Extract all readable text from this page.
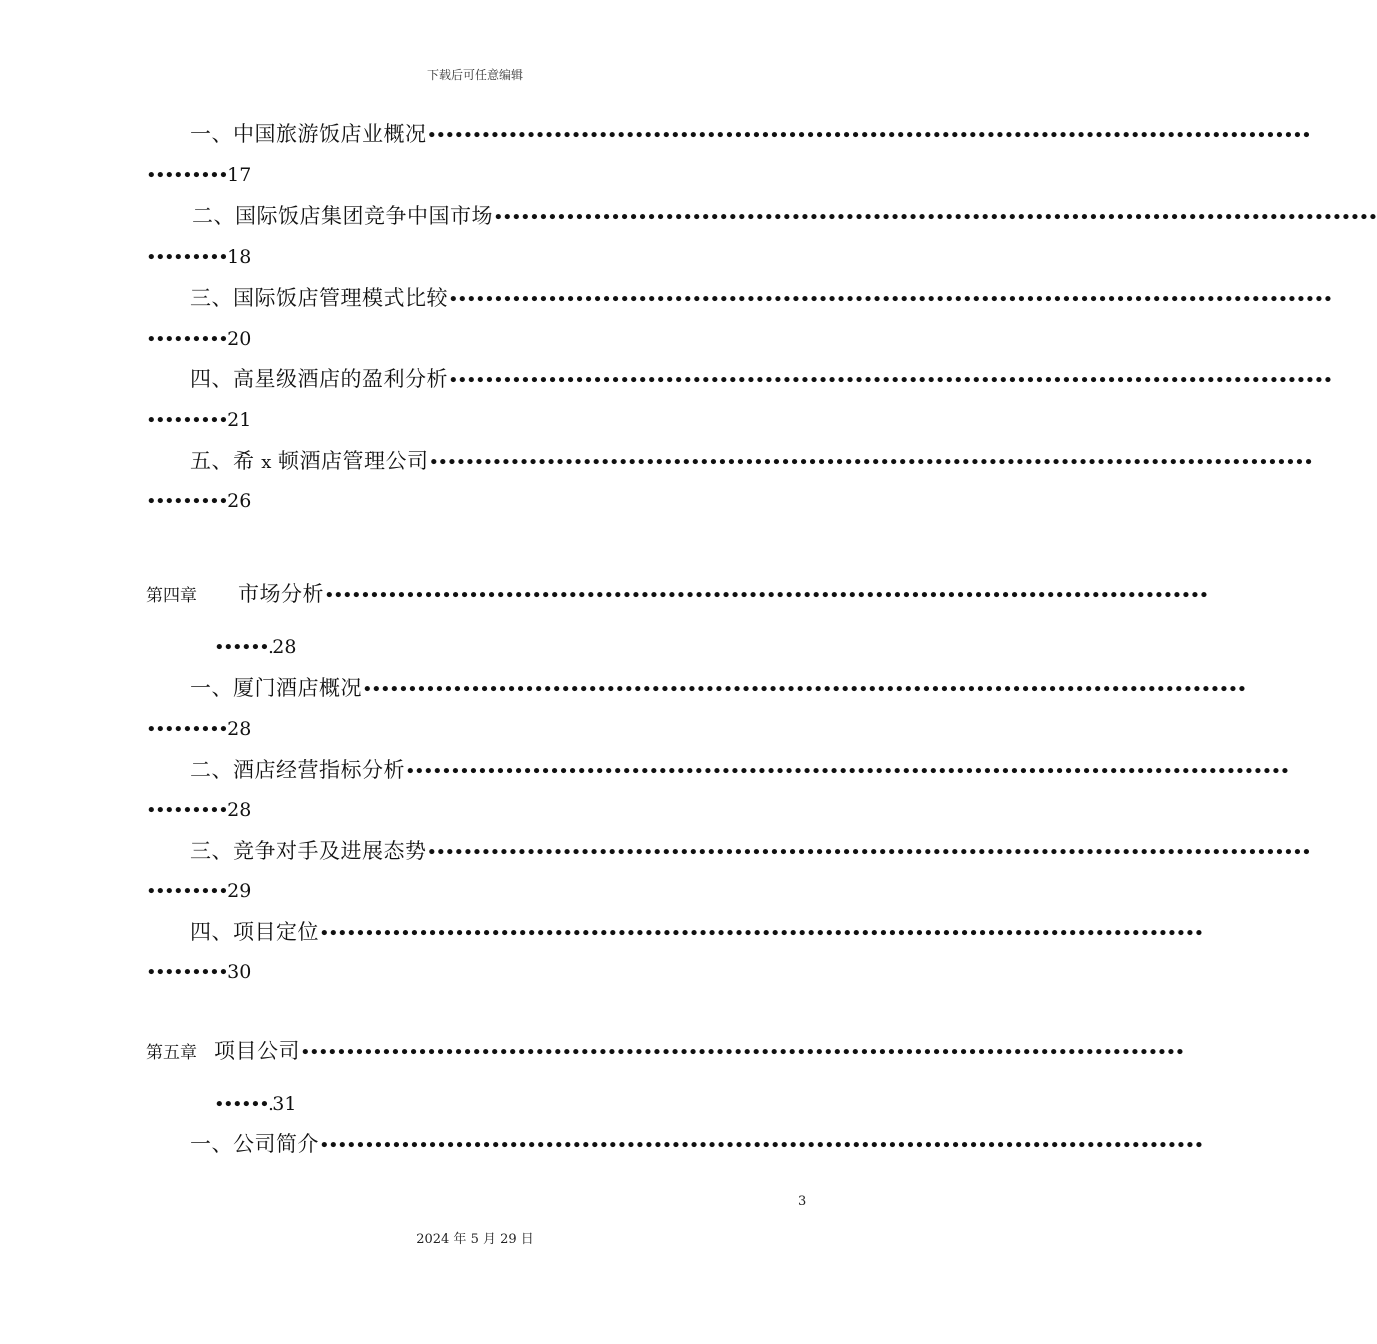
下载后可任意编辑
一、中国旅游饭店业概况••••••••••••••••••••••••••••••••••••••••••••••••••••••••••••••••••••••••••••••••••••••••••••••••••
•••••••••17
二、国际饭店集团竞争中国市场••••••••••••••••••••••••••••••••••••••••••••••••••••••••••••••••••••••••••••••••••••••••••••••••••
•••••••••18
三、国际饭店管理模式比较••••••••••••••••••••••••••••••••••••••••••••••••••••••••••••••••••••••••••••••••••••••••••••••••••
•••••••••20
四、高星级酒店的盈利分析••••••••••••••••••••••••••••••••••••••••••••••••••••••••••••••••••••••••••••••••••••••••••••••••••
•••••••••21
五、希 x 顿酒店管理公司••••••••••••••••••••••••••••••••••••••••••••••••••••••••••••••••••••••••••••••••••••••••••••••••••
•••••••••26
第四章 市场分析••••••••••••••••••••••••••••••••••••••••••••••••••••••••••••••••••••••••••••••••••••••••••••••••••
••••••.28
一、厦门酒店概况••••••••••••••••••••••••••••••••••••••••••••••••••••••••••••••••••••••••••••••••••••••••••••••••••
•••••••••28
二、酒店经营指标分析••••••••••••••••••••••••••••••••••••••••••••••••••••••••••••••••••••••••••••••••••••••••••••••••••
•••••••••28
三、竞争对手及进展态势••••••••••••••••••••••••••••••••••••••••••••••••••••••••••••••••••••••••••••••••••••••••••••••••••
•••••••••29
四、项目定位••••••••••••••••••••••••••••••••••••••••••••••••••••••••••••••••••••••••••••••••••••••••••••••••••
•••••••••30
第五章 项目公司••••••••••••••••••••••••••••••••••••••••••••••••••••••••••••••••••••••••••••••••••••••••••••••••••
••••••.31
一、公司简介••••••••••••••••••••••••••••••••••••••••••••••••••••••••••••••••••••••••••••••••••••••••••••••••••
3
2024 年 5 月 29 日
